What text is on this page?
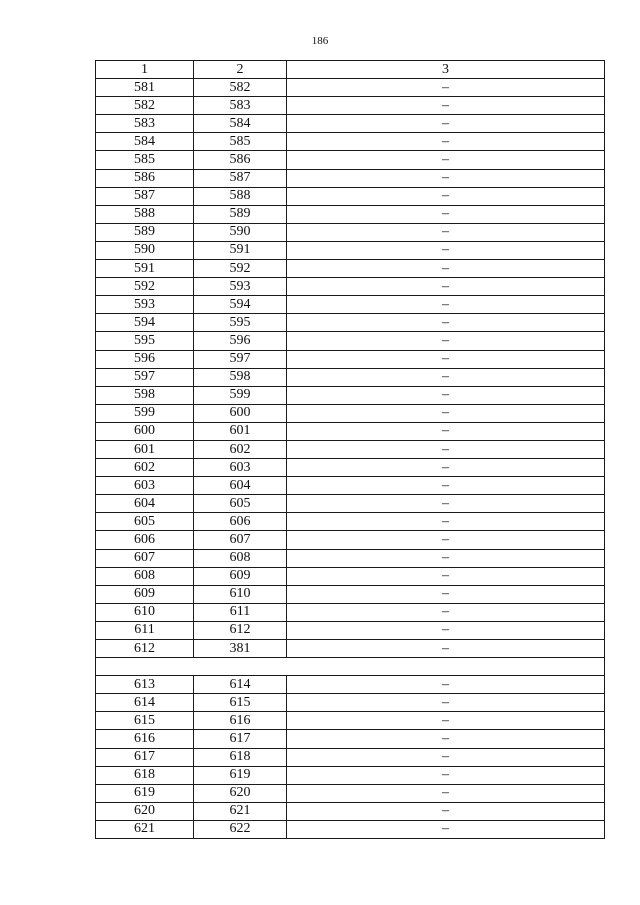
186
1	2	3
581	582	–
582	583	–
583	584	–
584	585	–
585	586	–
586	587	–
587	588	–
588	589	–
589	590	–
590	591	–
591	592	–
592	593	–
593	594	–
594	595	–
595	596	–
596	597	–
597	598	–
598	599	–
599	600	–
600	601	–
601	602	–
602	603	–
603	604	–
604	605	–
605	606	–
606	607	–
607	608	–
608	609	–
609	610	–
610	611	–
611	612	–
612	381	–

613	614	–
614	615	–
615	616	–
616	617	–
617	618	–
618	619	–
619	620	–
620	621	–
621	622	–
